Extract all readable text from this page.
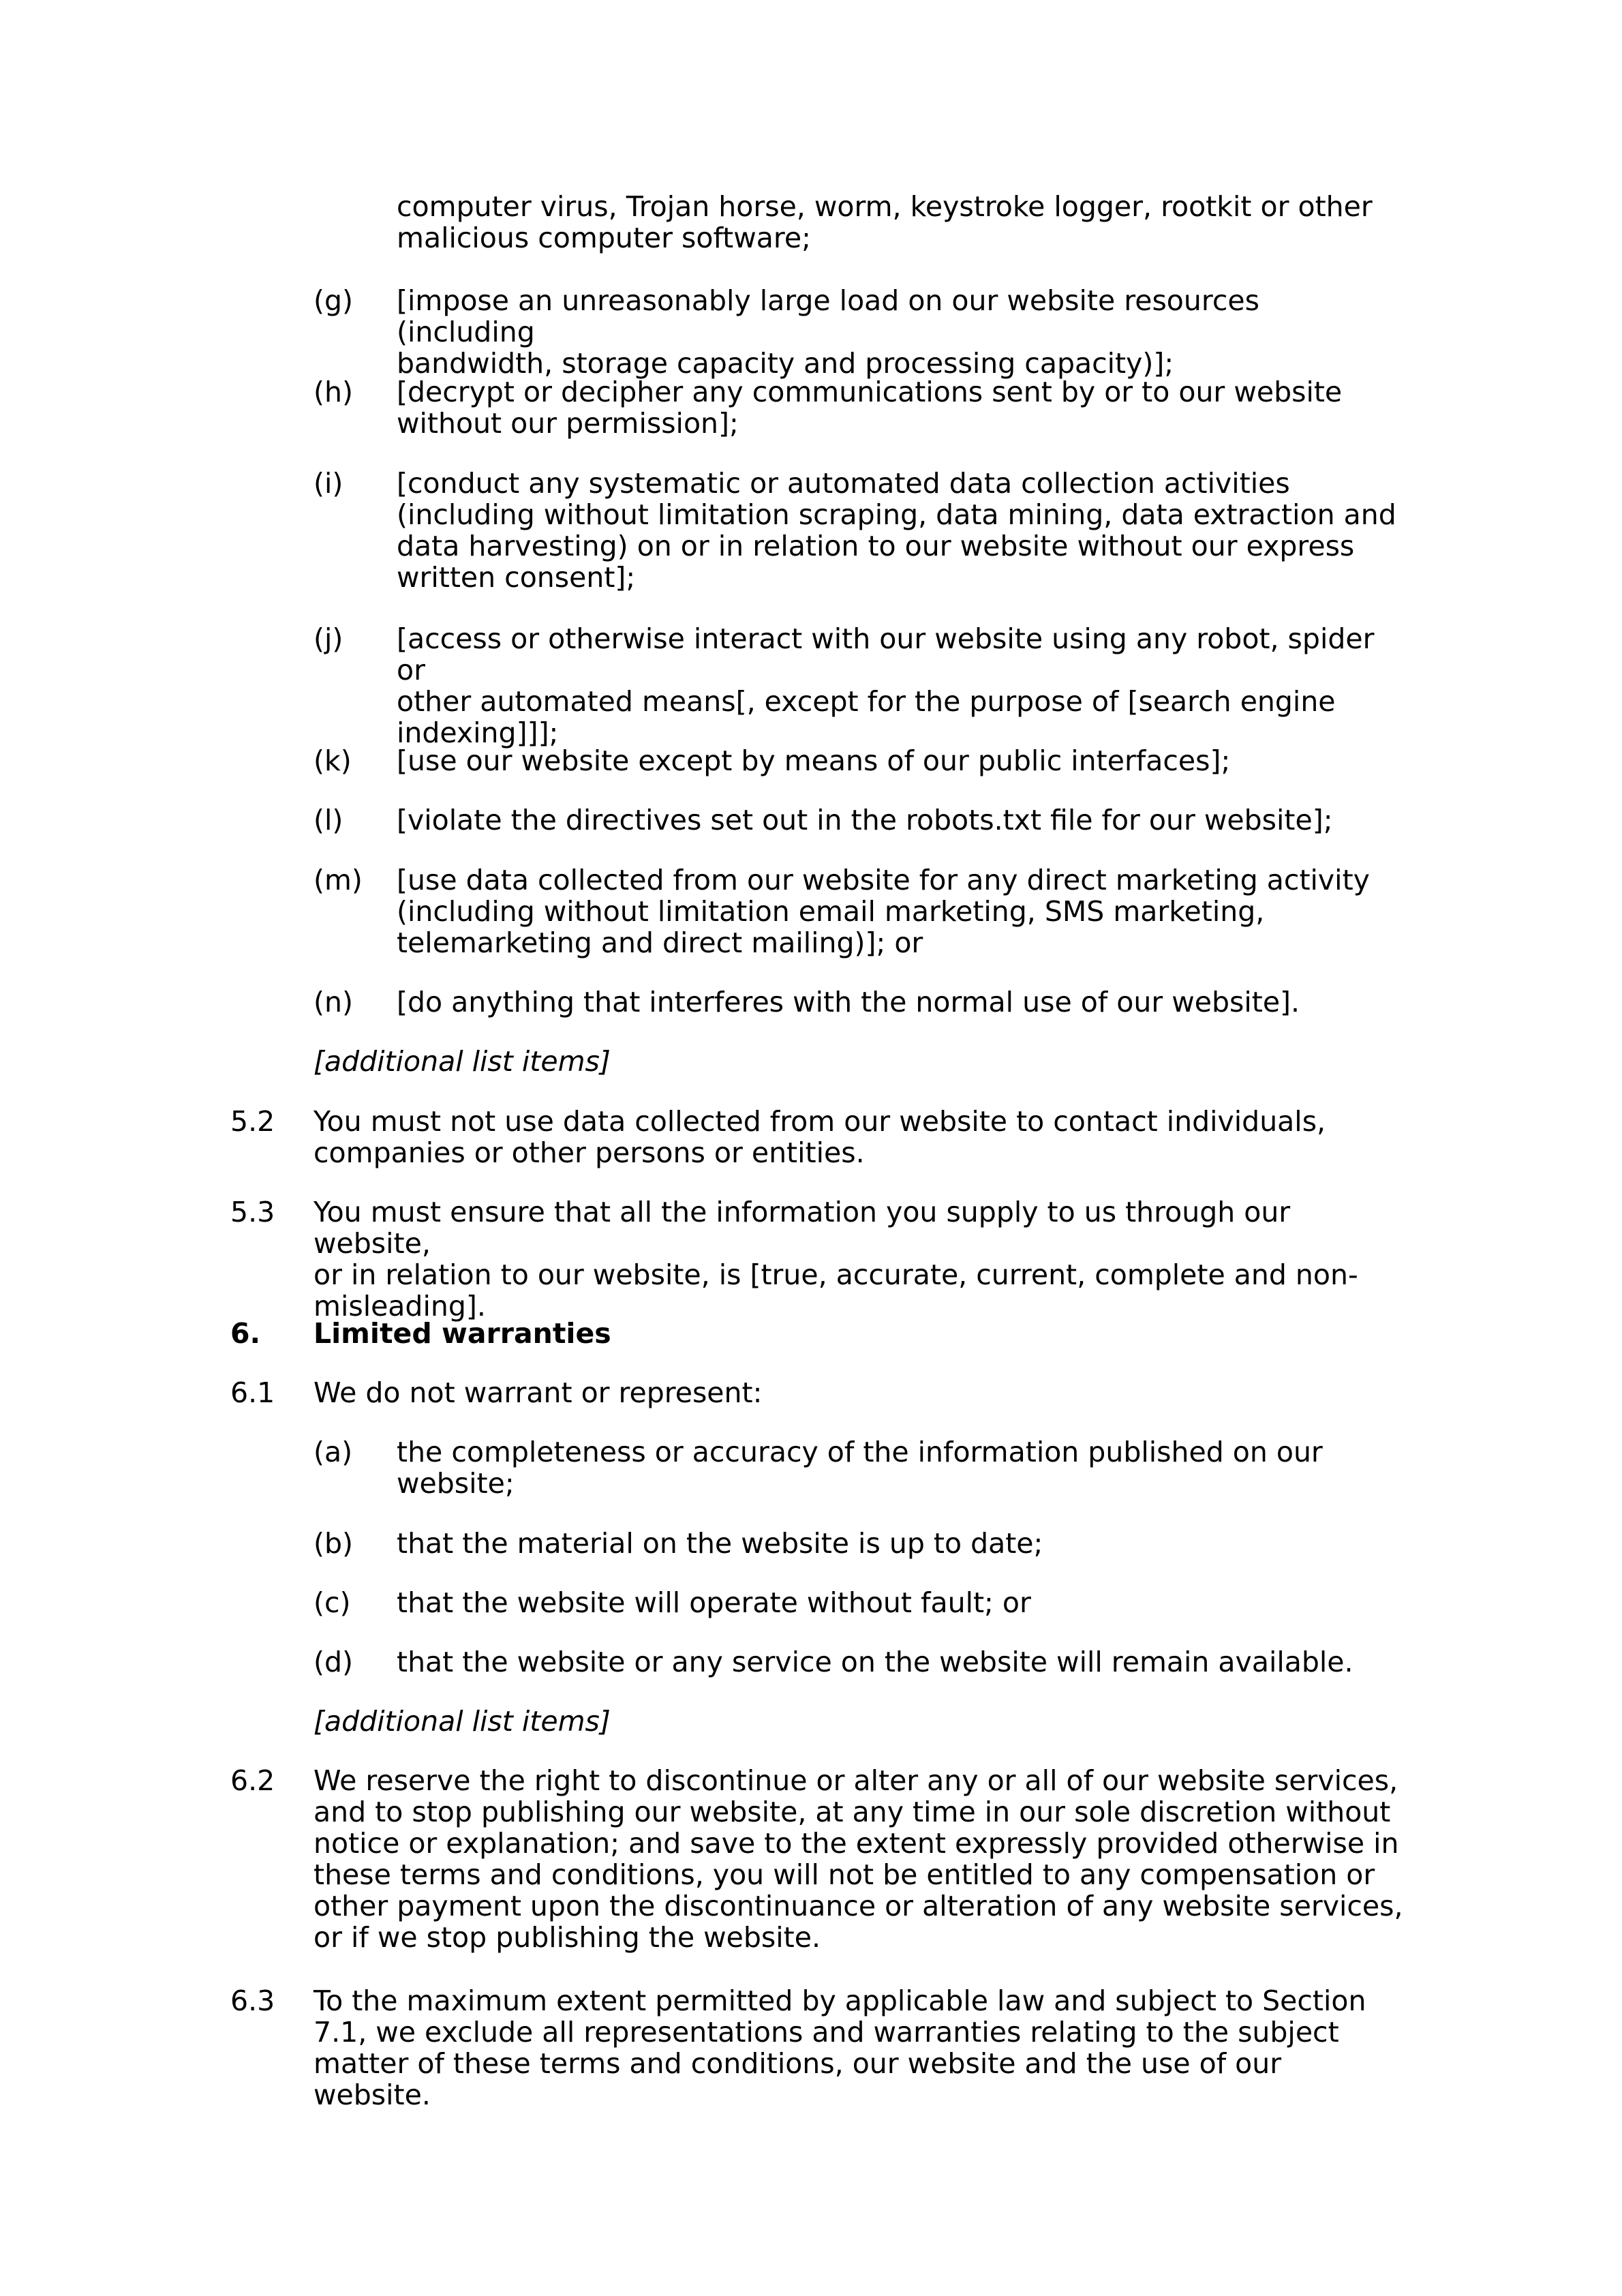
computer virus, Trojan horse, worm, keystroke logger, rootkit or other
malicious computer software;
(g) [impose an unreasonably large load on our website resources (including
bandwidth, storage capacity and processing capacity)];
(h) [decrypt or decipher any communications sent by or to our website
without our permission];
(i) [conduct any systematic or automated data collection activities
(including without limitation scraping, data mining, data extraction and
data harvesting) on or in relation to our website without our express
written consent];
(j) [access or otherwise interact with our website using any robot, spider or
other automated means[, except for the purpose of [search engine
indexing]]];
(k) [use our website except by means of our public interfaces];
(l) [violate the directives set out in the robots.txt file for our website];
(m) [use data collected from our website for any direct marketing activity
(including without limitation email marketing, SMS marketing,
telemarketing and direct mailing)]; or
(n) [do anything that interferes with the normal use of our website].
[additional list items]
5.2 You must not use data collected from our website to contact individuals,
companies or other persons or entities.
5.3 You must ensure that all the information you supply to us through our website,
or in relation to our website, is [true, accurate, current, complete and non-
misleading].
6. Limited warranties
6.1 We do not warrant or represent:
(a) the completeness or accuracy of the information published on our
website;
(b) that the material on the website is up to date;
(c) that the website will operate without fault; or
(d) that the website or any service on the website will remain available.
[additional list items]
6.2 We reserve the right to discontinue or alter any or all of our website services,
and to stop publishing our website, at any time in our sole discretion without
notice or explanation; and save to the extent expressly provided otherwise in
these terms and conditions, you will not be entitled to any compensation or
other payment upon the discontinuance or alteration of any website services,
or if we stop publishing the website.
6.3 To the maximum extent permitted by applicable law and subject to Section
7.1, we exclude all representations and warranties relating to the subject
matter of these terms and conditions, our website and the use of our website.
